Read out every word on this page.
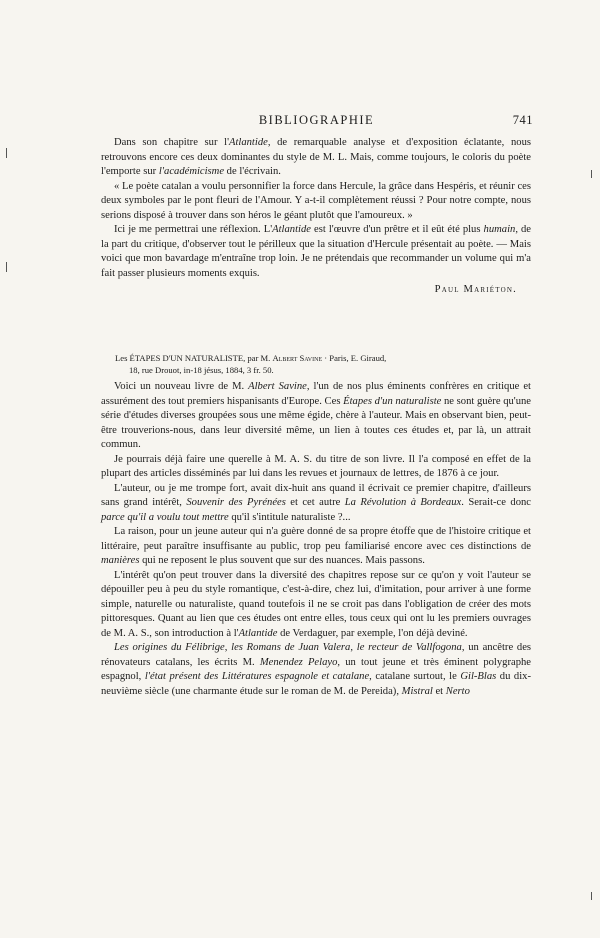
BIBLIOGRAPHIE	741

Dans son chapitre sur l'Atlantide, de remarquable analyse et d'exposition éclatante, nous retrouvons encore ces deux dominantes du style de M. L. Mais, comme toujours, le coloris du poète l'emporte sur l'académicisme de l'écrivain.

« Le poète catalan a voulu personnifier la force dans Hercule, la grâce dans Hespéris, et réunir ces deux symboles par le pont fleuri de l'Amour. Y a-t-il complètement réussi ? Pour notre compte, nous serions disposé à trouver dans son héros le géant plutôt que l'amoureux. »

Ici je me permettrai une réflexion. L'Atlantide est l'œuvre d'un prêtre et il eût été plus humain, de la part du critique, d'observer tout le périlleux que la situation d'Hercule présentait au poète. — Mais voici que mon bavardage m'entraîne trop loin. Je ne prétendais que recommander un volume qui m'a fait passer plusieurs moments exquis.

Paul Mariéton.
Les ÉTAPES D'UN NATURALISTE, par M. Albert Savine · Paris, E. Giraud,
18, rue Drouot, in-18 jésus, 1884, 3 fr. 50.

Voici un nouveau livre de M. Albert Savine, l'un de nos plus éminents confrères en critique et assurément des tout premiers hispanisants d'Europe. Ces Étapes d'un naturaliste ne sont guère qu'une série d'études diverses groupées sous une même égide, chère à l'auteur. Mais en observant bien, peut-être trouverions-nous, dans leur diversité même, un lien à toutes ces études et, par là, un attrait commun.

Je pourrais déjà faire une querelle à M. A. S. du titre de son livre. Il l'a composé en effet de la plupart des articles disséminés par lui dans les revues et journaux de lettres, de 1876 à ce jour.

L'auteur, ou je me trompe fort, avait dix-huit ans quand il écrivait ce premier chapitre, d'ailleurs sans grand intérêt, Souvenir des Pyrénées et cet autre La Révolution à Bordeaux. Serait-ce donc parce qu'il a voulu tout mettre qu'il s'intitule naturaliste ?...

La raison, pour un jeune auteur qui n'a guère donné de sa propre étoffe que de l'histoire critique et littéraire, peut paraître insuffisante au public, trop peu familiarisé encore avec ces distinctions de manières qui ne reposent le plus souvent que sur des nuances. Mais passons.

L'intérêt qu'on peut trouver dans la diversité des chapitres repose sur ce qu'on y voit l'auteur se dépouiller peu à peu du style romantique, c'est-à-dire, chez lui, d'imitation, pour arriver à une forme simple, naturelle ou naturaliste, quand toutefois il ne se croit pas dans l'obligation de créer des mots pittoresques. Quant au lien que ces études ont entre elles, tous ceux qui ont lu les premiers ouvrages de M. A. S., son introduction à l'Atlantide de Verdaguer, par exemple, l'on déjà deviné.

Les origines du Félibrige, les Romans de Juan Valera, le recteur de Vallfogona, un ancêtre des rénovateurs catalans, les écrits M. Menendez Pelayo, un tout jeune et très éminent polygraphe espagnol, l'état présent des Littératures espagnole et catalane, catalane surtout, le Gil-Blas du dix-neuvième siècle (une charmante étude sur le roman de M. de Pereida), Mistral et Nerto
